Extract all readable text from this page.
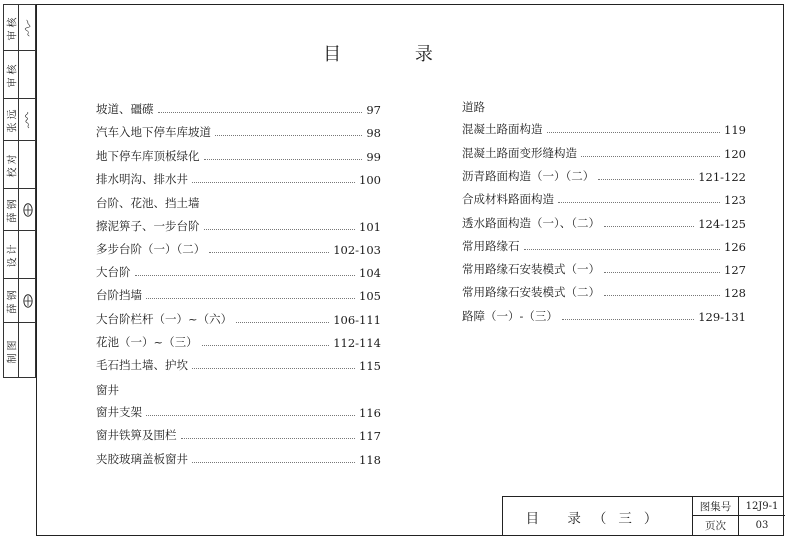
审核
审核
张远
校对
薛钢
设计
薛钢
制图
目 录
坡道、礓礤	97
汽车入地下停车库坡道	98
地下停车库顶板绿化	99
排水明沟、排水井	100
台阶、花池、挡土墙
擦泥箅子、一步台阶	101
多步台阶（一）（二）	102-103
大台阶	104
台阶挡墙	105
大台阶栏杆（一）~（六）	106-111
花池（一）~（三）	112-114
毛石挡土墙、护坎	115
窗井
窗井支架	116
窗井铁箅及围栏	117
夹胶玻璃盖板窗井	118
道路
混凝土路面构造	119
混凝土路面变形缝构造	120
沥青路面构造（一）（二）	121-122
合成材料路面构造	123
透水路面构造（一）、（二）	124-125
常用路缘石	126
常用路缘石安装模式（一）	127
常用路缘石安装模式（二）	128
路障（一）-（三）	129-131
目 录（三）
图集号	12J9-1
页次	03
